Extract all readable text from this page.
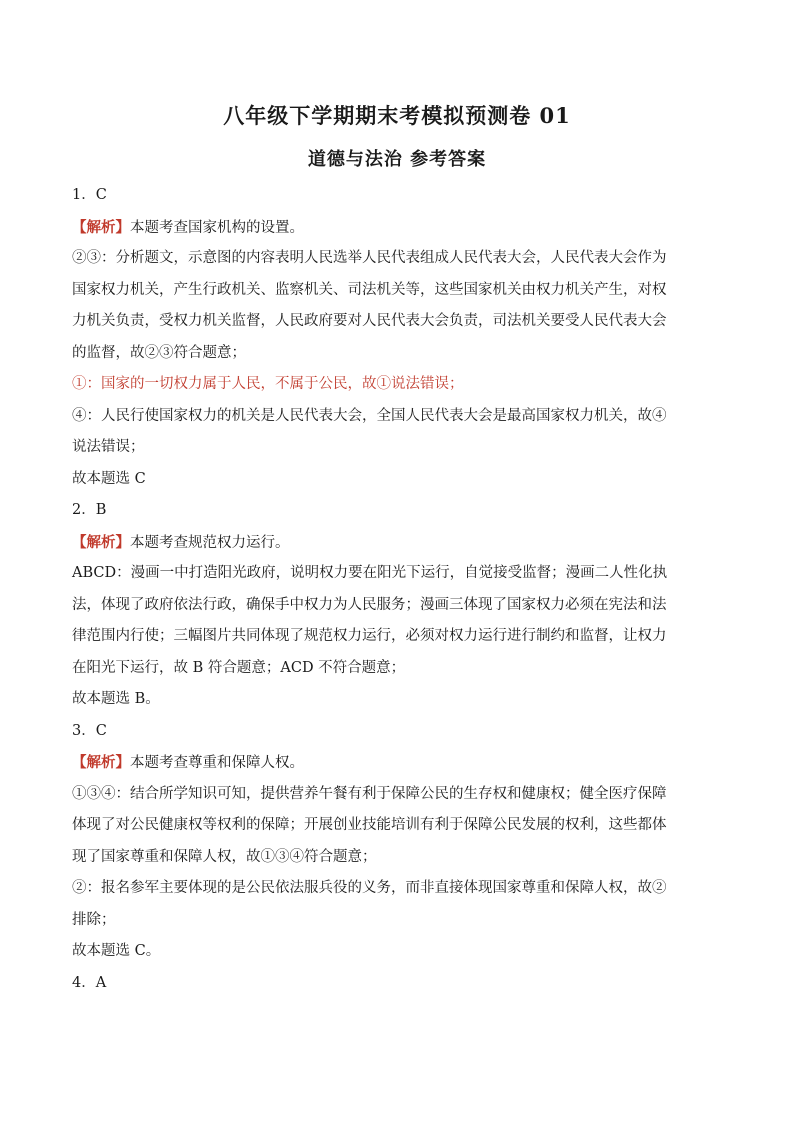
八年级下学期期末考模拟预测卷 01
道德与法治 参考答案
1．C
【解析】本题考查国家机构的设置。
②③：分析题文，示意图的内容表明人民选举人民代表组成人民代表大会，人民代表大会作为
国家权力机关，产生行政机关、监察机关、司法机关等，这些国家机关由权力机关产生，对权
力机关负责，受权力机关监督，人民政府要对人民代表大会负责，司法机关要受人民代表大会
的监督，故②③符合题意；
①：国家的一切权力属于人民，不属于公民，故①说法错误；
④：人民行使国家权力的机关是人民代表大会，全国人民代表大会是最高国家权力机关，故④
说法错误；
故本题选 C
2．B
【解析】本题考查规范权力运行。
ABCD：漫画一中打造阳光政府，说明权力要在阳光下运行，自觉接受监督；漫画二人性化执
法，体现了政府依法行政，确保手中权力为人民服务；漫画三体现了国家权力必须在宪法和法
律范围内行使；三幅图片共同体现了规范权力运行，必须对权力运行进行制约和监督，让权力
在阳光下运行，故 B 符合题意；ACD 不符合题意；
故本题选 B。
3．C
【解析】本题考查尊重和保障人权。
①③④：结合所学知识可知，提供营养午餐有利于保障公民的生存权和健康权；健全医疗保障
体现了对公民健康权等权利的保障；开展创业技能培训有利于保障公民发展的权利，这些都体
现了国家尊重和保障人权，故①③④符合题意；
②：报名参军主要体现的是公民依法服兵役的义务，而非直接体现国家尊重和保障人权，故②
排除；
故本题选 C。
4．A
